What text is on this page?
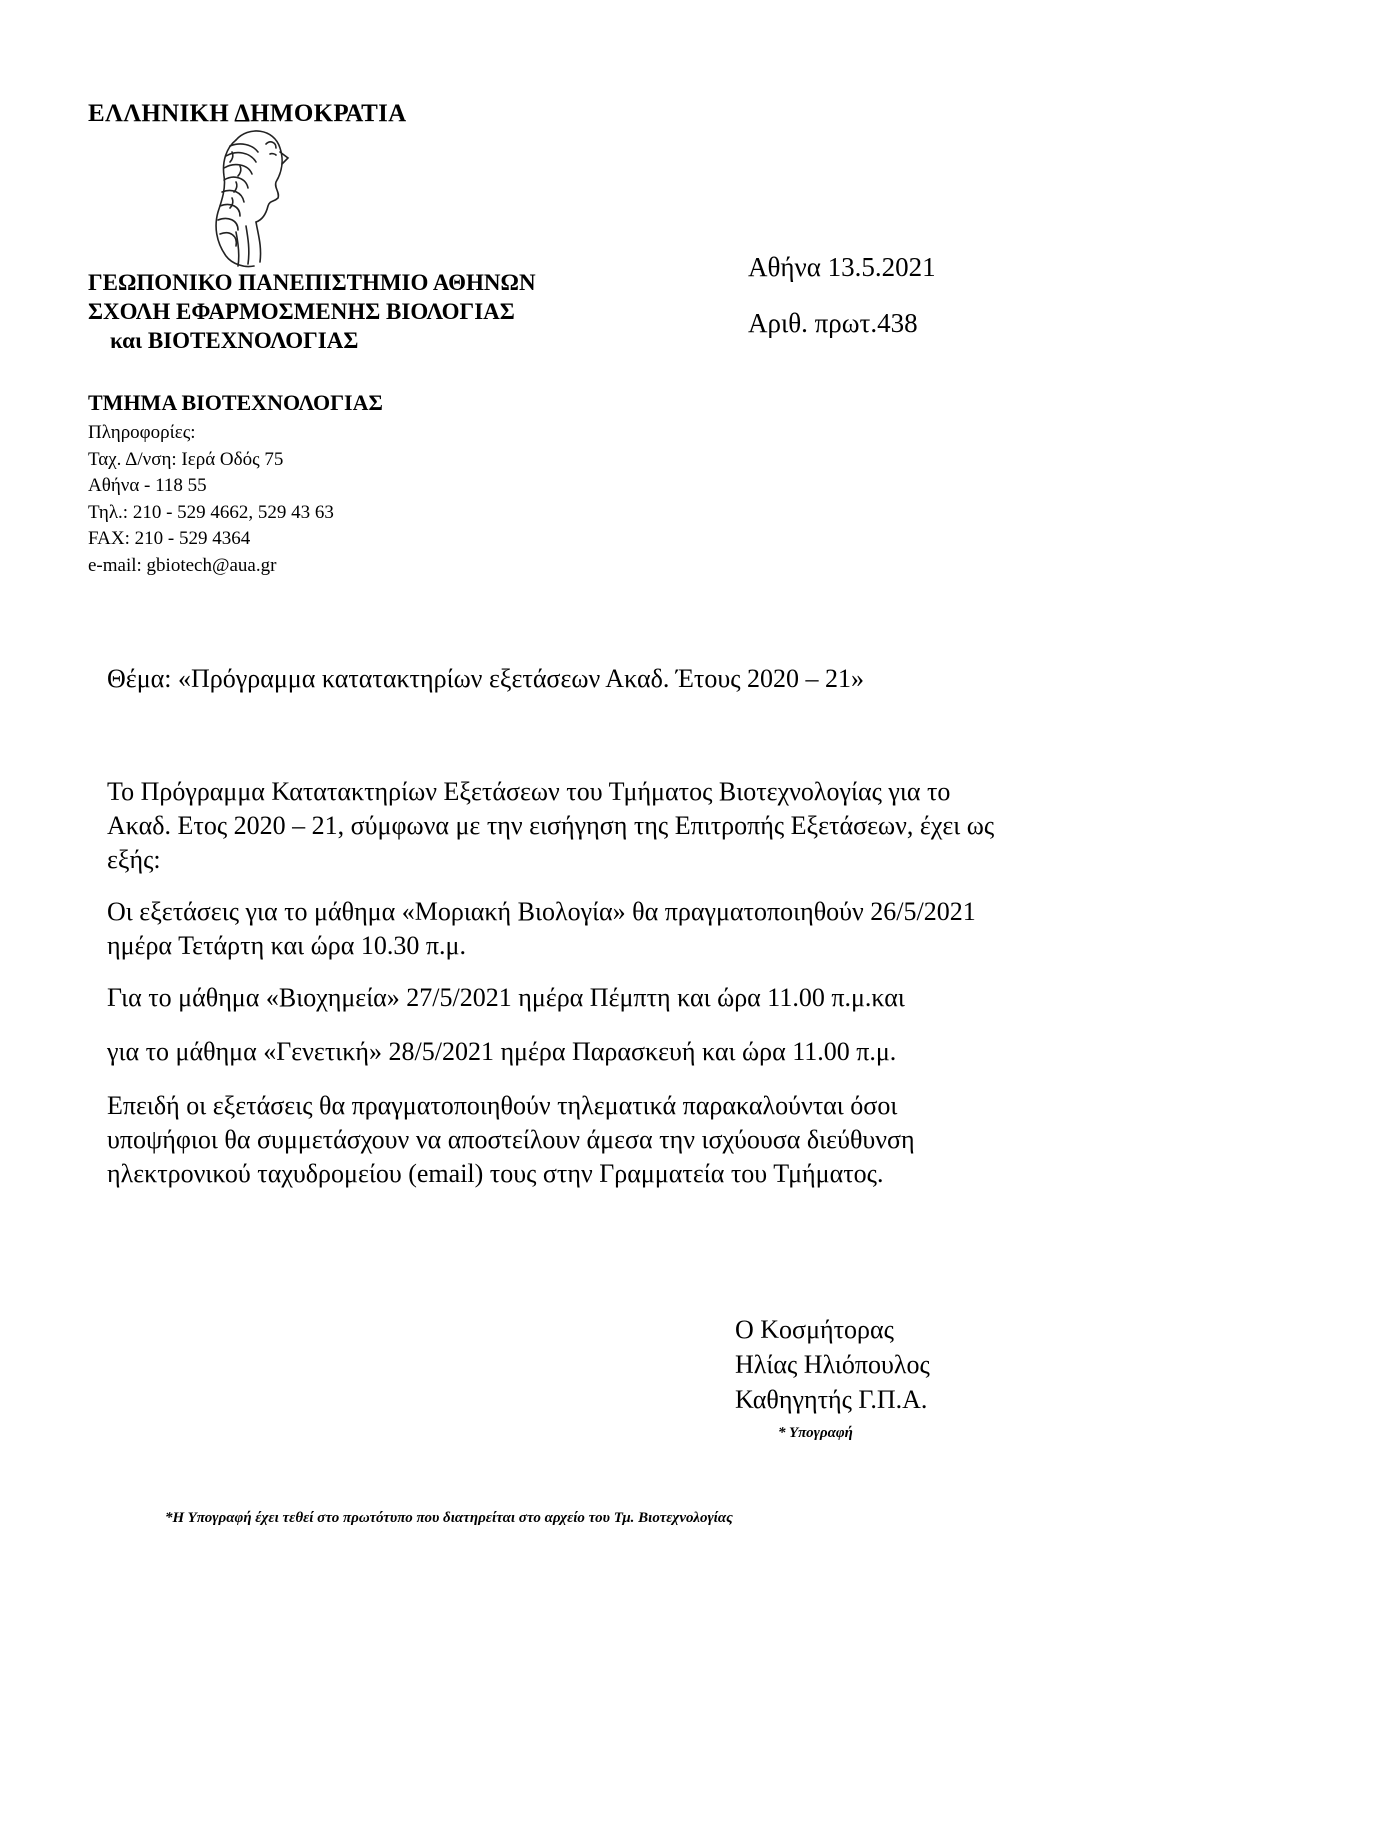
ΕΛΛΗΝΙΚΗ ΔΗΜΟΚΡΑΤΙΑ
ΓΕΩΠΟΝΙΚΟ ΠΑΝΕΠΙΣΤΗΜΙΟ ΑΘΗΝΩΝ
ΣΧΟΛΗ ΕΦΑΡΜΟΣΜΕΝΗΣ ΒΙΟΛΟΓΙΑΣ
και ΒΙΟΤΕΧΝΟΛΟΓΙΑΣ
ΤΜΗΜΑ ΒΙΟΤΕΧΝΟΛΟΓΙΑΣ
Πληροφορίες:
Ταχ. Δ/νση: Ιερά Οδός 75
Αθήνα - 118 55
Τηλ.: 210 - 529 4662, 529 43 63
FAX: 210 - 529 4364
e-mail: gbiotech@aua.gr
Αθήνα 13.5.2021
Αριθ. πρωτ.438
Θέμα: «Πρόγραμμα κατατακτηρίων εξετάσεων Ακαδ. Έτους 2020 – 21»
Το Πρόγραμμα Κατατακτηρίων Εξετάσεων του Τμήματος Βιοτεχνολογίας για το
Ακαδ. Ετος 2020 – 21, σύμφωνα με την εισήγηση της Επιτροπής Εξετάσεων, έχει ως
εξής:
Οι εξετάσεις για το μάθημα «Μοριακή Βιολογία» θα πραγματοποιηθούν 26/5/2021
ημέρα Τετάρτη και ώρα 10.30 π.μ.
Για το μάθημα «Βιοχημεία» 27/5/2021 ημέρα Πέμπτη και ώρα 11.00 π.μ.και
για το μάθημα «Γενετική» 28/5/2021 ημέρα Παρασκευή και ώρα 11.00 π.μ.
Επειδή οι εξετάσεις θα πραγματοποιηθούν τηλεματικά παρακαλούνται όσοι
υποψήφιοι θα συμμετάσχουν να αποστείλουν άμεσα την ισχύουσα διεύθυνση
ηλεκτρονικού ταχυδρομείου (email) τους στην Γραμματεία του Τμήματος.
Ο Κοσμήτορας
Ηλίας Ηλιόπουλος
Καθηγητής Γ.Π.Α.
* Υπογραφή
*Η Υπογραφή έχει τεθεί στο πρωτότυπο που διατηρείται στο αρχείο του Τμ. Βιοτεχνολογίας
